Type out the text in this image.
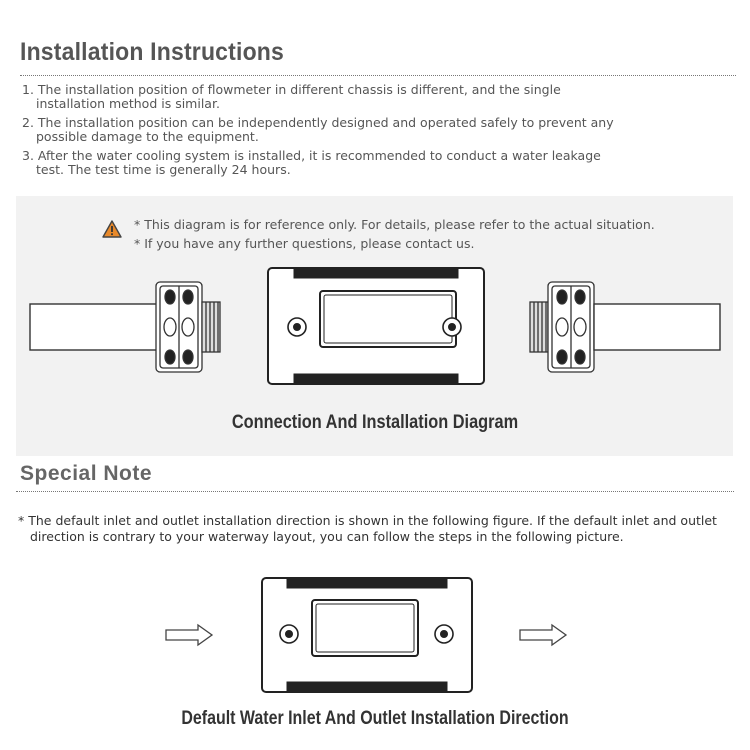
Installation Instructions
1. The installation position of flowmeter in different chassis is different, and the single installation method is similar.
2. The installation position can be independently designed and operated safely to prevent any possible damage to the equipment.
3. After the water cooling system is installed, it is recommended to conduct a water leakage test. The test time is generally 24 hours.
* This diagram is for reference only. For details, please refer to the actual situation.
* If you have any further questions, please contact us.
Connection And Installation Diagram
Special Note

* The default inlet and outlet installation direction is shown in the following figure. If the default inlet and outlet direction is contrary to your waterway layout, you can follow the steps in the following picture.

Default Water Inlet And Outlet Installation Direction
